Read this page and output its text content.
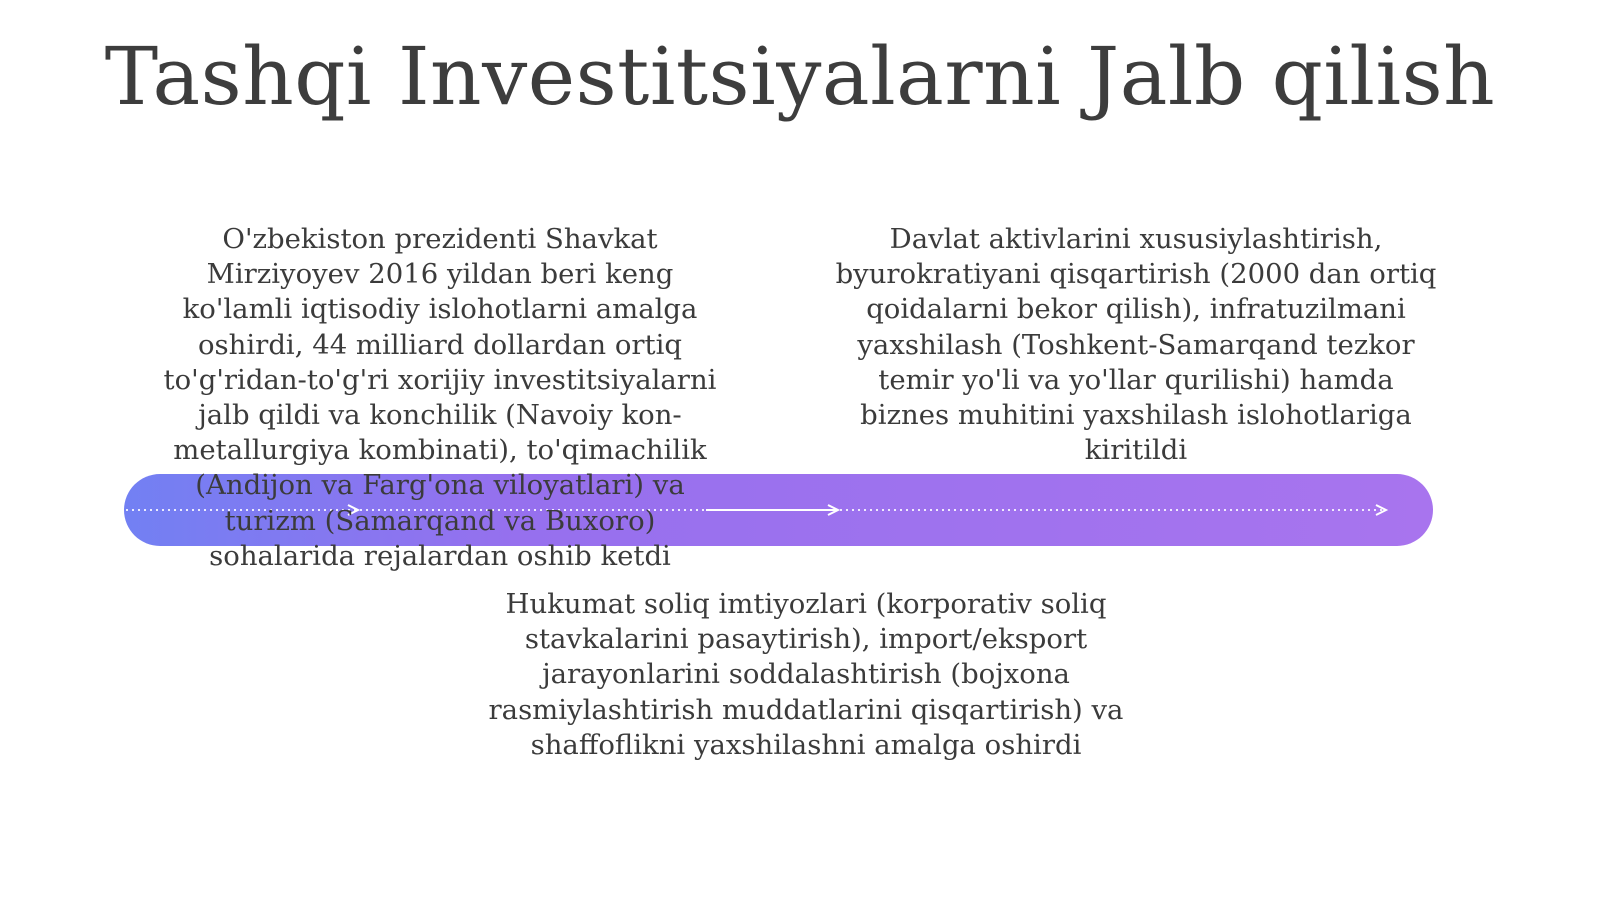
Tashqi Investitsiyalarni Jalb qilish
O'zbekiston prezidenti Shavkat Mirziyoyev 2016 yildan beri keng ko'lamli iqtisodiy islohotlarni amalga oshirdi, 44 milliard dollardan ortiq to'g'ridan-to'g'ri xorijiy investitsiyalarni jalb qildi va konchilik (Navoiy kon-metallurgiya kombinati), to'qimachilik (Andijon va Farg'ona viloyatlari) va turizm (Samarqand va Buxoro) sohalarida rejalardan oshib ketdi
Davlat aktivlarini xususiylashtirish, byurokratiyani qisqartirish (2000 dan ortiq qoidalarni bekor qilish), infratuzilmani yaxshilash (Toshkent-Samarqand tezkor temir yo'li va yo'llar qurilishi) hamda biznes muhitini yaxshilash islohotlariga kiritildi
Hukumat soliq imtiyozlari (korporativ soliq stavkalarini pasaytirish), import/eksport jarayonlarini soddalashtirish (bojxona rasmiylashtirish muddatlarini qisqartirish) va shaffoflikni yaxshilashni amalga oshirdi
